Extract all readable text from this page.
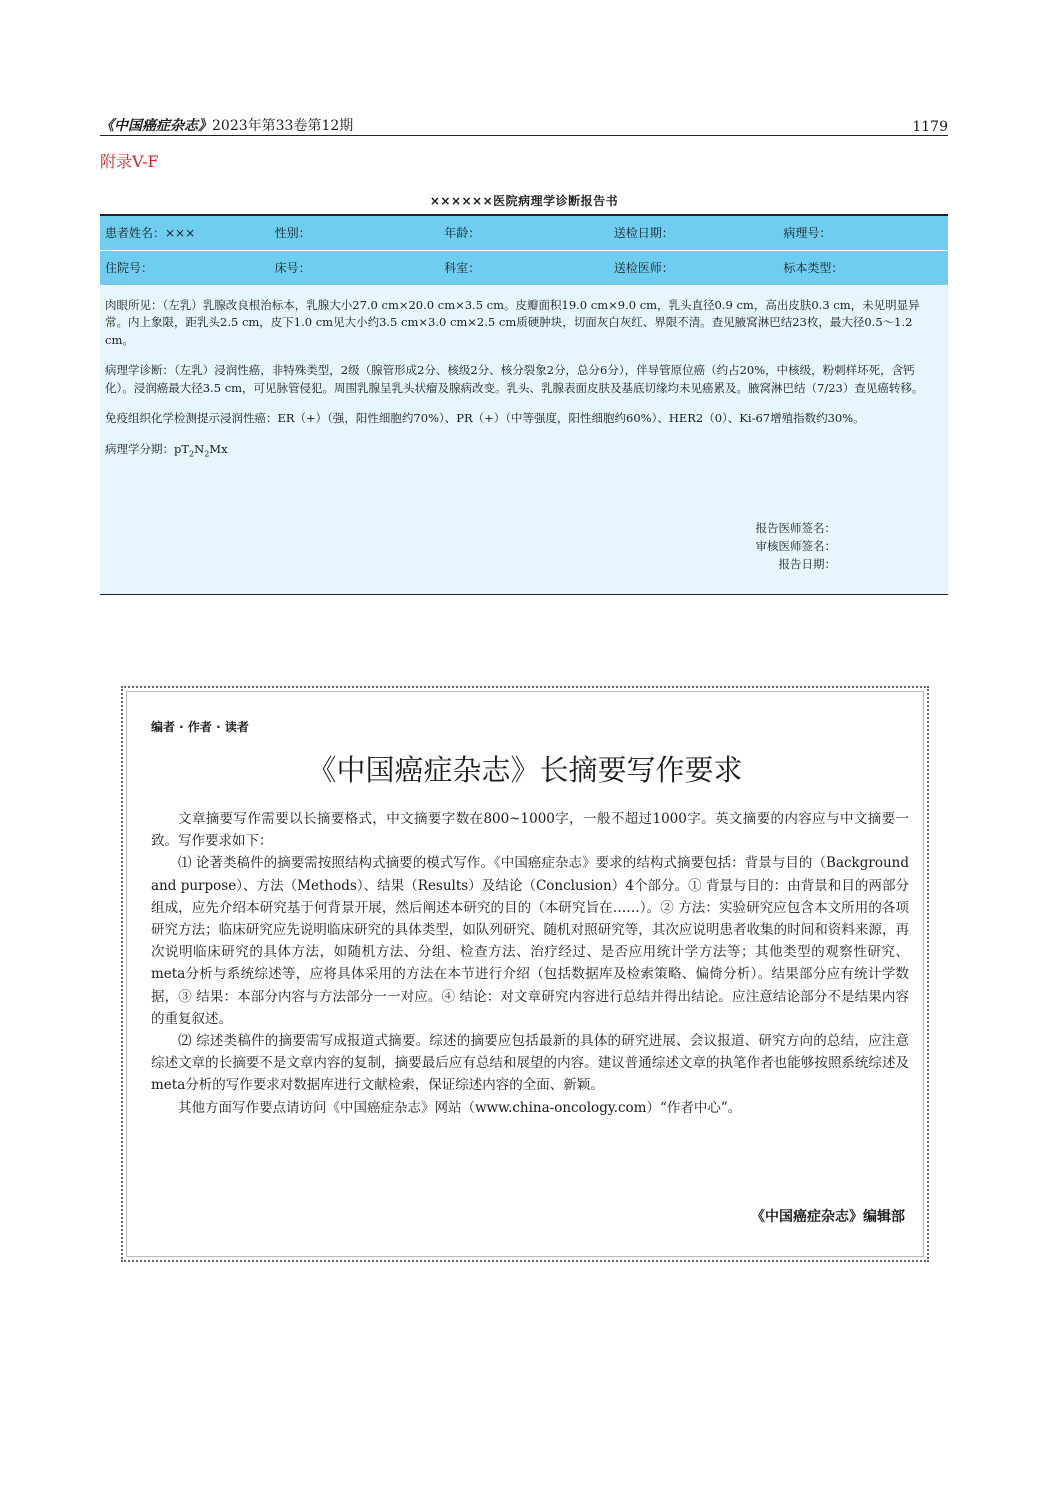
《中国癌症杂志》2023年第33卷第12期	1179
附录V-F
××××××医院病理学诊断报告书
患者姓名：×××	性别：	年龄：	送检日期：	病理号：
住院号：	床号：	科室：	送检医师：	标本类型：

肉眼所见：（左乳）乳腺改良根治标本，乳腺大小27.0 cm×20.0 cm×3.5 cm。皮瓣面积19.0 cm×9.0 cm，乳头直径0.9 cm，高出皮肤0.3 cm，未见明显异常。内上象限，距乳头2.5 cm，皮下1.0 cm见大小约3.5 cm×3.0 cm×2.5 cm质硬肿块，切面灰白灰红、界限不清。查见腋窝淋巴结23枚，最大径0.5～1.2 cm。

病理学诊断：（左乳）浸润性癌，非特殊类型，2级（腺管形成2分、核级2分、核分裂象2分，总分6分），伴导管原位癌（约占20%，中核级，粉刺样坏死，含钙化）。浸润癌最大径3.5 cm，可见脉管侵犯。周围乳腺呈乳头状瘤及腺病改变。乳头、乳腺表面皮肤及基底切缘均未见癌累及。腋窝淋巴结（7/23）查见癌转移。

免疫组织化学检测提示浸润性癌：ER（+）（强，阳性细胞约70%）、PR（+）（中等强度，阳性细胞约60%）、HER2（0）、Ki-67增殖指数约30%。

病理学分期：$pT_2N_2Mx$

报告医师签名：
审核医师签名：
报告日期：
编者 · 作者 · 读者
《中国癌症杂志》长摘要写作要求

文章摘要写作需要以长摘要格式，中文摘要字数在800~1000字，一般不超过1000字。英文摘要的内容应与中文摘要一致。写作要求如下：

⑴ 论著类稿件的摘要需按照结构式摘要的模式写作。《中国癌症杂志》要求的结构式摘要包括：背景与目的（Background and purpose）、方法（Methods）、结果（Results）及结论（Conclusion）4个部分。① 背景与目的：由背景和目的两部分组成，应先介绍本研究基于何背景开展，然后阐述本研究的目的（本研究旨在……）。② 方法：实验研究应包含本文所用的各项研究方法；临床研究应先说明临床研究的具体类型，如队列研究、随机对照研究等，其次应说明患者收集的时间和资料来源，再次说明临床研究的具体方法，如随机方法、分组、检查方法、治疗经过、是否应用统计学方法等；其他类型的观察性研究、meta分析与系统综述等，应将具体采用的方法在本节进行介绍（包括数据库及检索策略、偏倚分析）。结果部分应有统计学数据，③ 结果：本部分内容与方法部分一一对应。④ 结论：对文章研究内容进行总结并得出结论。应注意结论部分不是结果内容的重复叙述。

⑵ 综述类稿件的摘要需写成报道式摘要。综述的摘要应包括最新的具体的研究进展、会议报道、研究方向的总结，应注意综述文章的长摘要不是文章内容的复制，摘要最后应有总结和展望的内容。建议普通综述文章的执笔作者也能够按照系统综述及meta分析的写作要求对数据库进行文献检索，保证综述内容的全面、新颖。

其他方面写作要点请访问《中国癌症杂志》网站（www.china-oncology.com）“作者中心”。

《中国癌症杂志》编辑部
